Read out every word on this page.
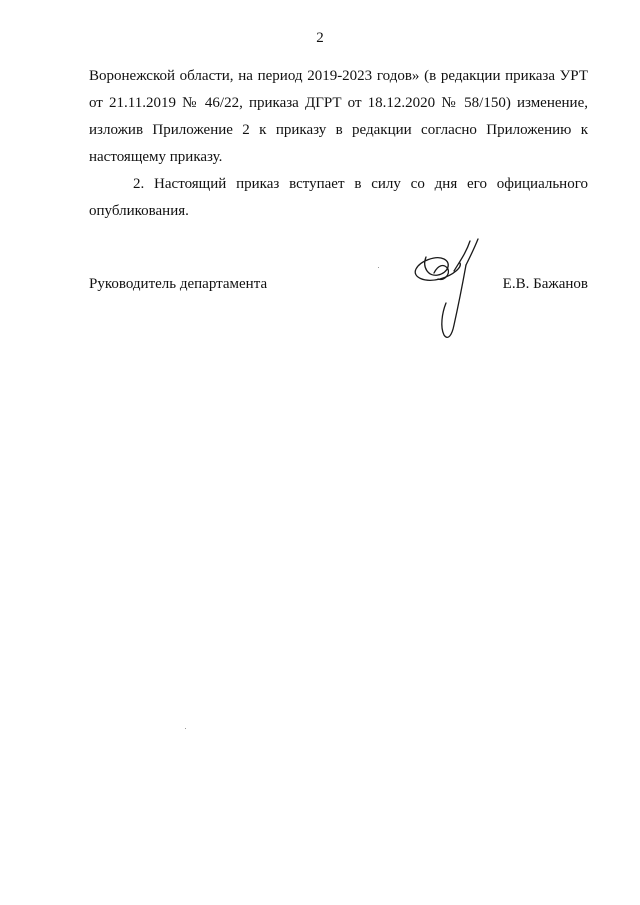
2
Воронежской области, на период 2019-2023 годов» (в редакции приказа УРТ
от 21.11.2019 № 46/22, приказа ДГРТ от 18.12.2020 № 58/150) изменение,
изложив Приложение 2 к приказу в редакции согласно Приложению к
настоящему приказу.
2. Настоящий приказ вступает в силу со дня его официального
опубликования.
Руководитель департамента	Е.В. Бажанов
